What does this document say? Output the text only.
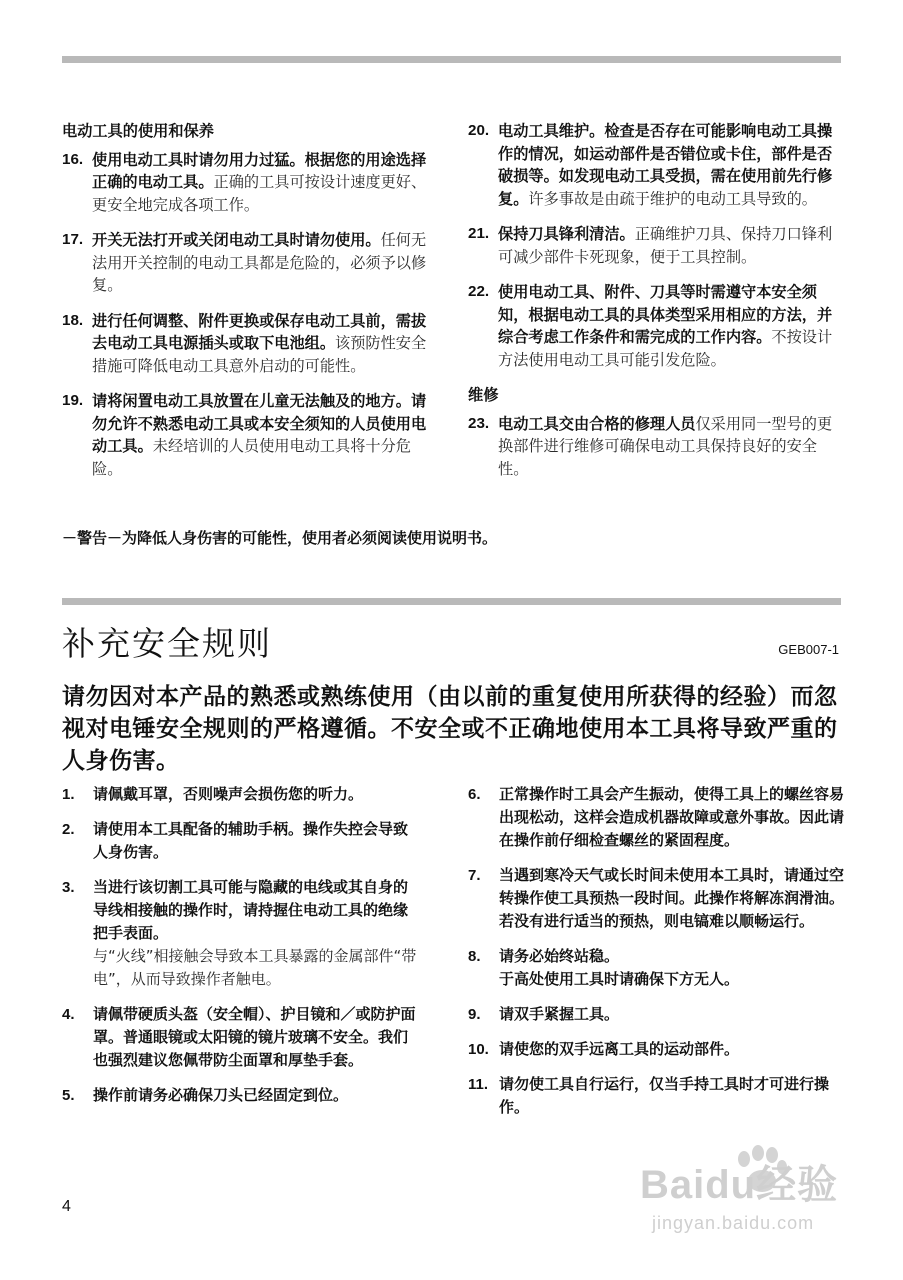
电动工具的使用和保养
16. 使用电动工具时请勿用力过猛。根据您的用途选择正确的电动工具。正确的工具可按设计速度更好、更安全地完成各项工作。
17. 开关无法打开或关闭电动工具时请勿使用。任何无法用开关控制的电动工具都是危险的，必须予以修复。
18. 进行任何调整、附件更换或保存电动工具前，需拔去电动工具电源插头或取下电池组。该预防性安全措施可降低电动工具意外启动的可能性。
19. 请将闲置电动工具放置在儿童无法触及的地方。请勿允许不熟悉电动工具或本安全须知的人员使用电动工具。未经培训的人员使用电动工具将十分危险。
20. 电动工具维护。检查是否存在可能影响电动工具操作的情况，如运动部件是否错位或卡住，部件是否破损等。如发现电动工具受损，需在使用前先行修复。许多事故是由疏于维护的电动工具导致的。
21. 保持刀具锋利清洁。正确维护刀具、保持刀口锋利可减少部件卡死现象，便于工具控制。
22. 使用电动工具、附件、刀具等时需遵守本安全须知，根据电动工具的具体类型采用相应的方法，并综合考虑工作条件和需完成的工作内容。不按设计方法使用电动工具可能引发危险。
维修
23. 电动工具交由合格的修理人员仅采用同一型号的更换部件进行维修可确保电动工具保持良好的安全性。
－警告－为降低人身伤害的可能性，使用者必须阅读使用说明书。
补充安全规则	GEB007-1
请勿因对本产品的熟悉或熟练使用（由以前的重复使用所获得的经验）而忽视对电锤安全规则的严格遵循。不安全或不正确地使用本工具将导致严重的人身伤害。
1. 请佩戴耳罩，否则噪声会损伤您的听力。
2. 请使用本工具配备的辅助手柄。操作失控会导致人身伤害。
3. 当进行该切割工具可能与隐藏的电线或其自身的导线相接触的操作时，请持握住电动工具的绝缘把手表面。
与“火线”相接触会导致本工具暴露的金属部件“带电”，从而导致操作者触电。
4. 请佩带硬质头盔（安全帽）、护目镜和／或防护面罩。普通眼镜或太阳镜的镜片玻璃不安全。我们也强烈建议您佩带防尘面罩和厚垫手套。
5. 操作前请务必确保刀头已经固定到位。
6. 正常操作时工具会产生振动，使得工具上的螺丝容易出现松动，这样会造成机器故障或意外事故。因此请在操作前仔细检查螺丝的紧固程度。
7. 当遇到寒冷天气或长时间未使用本工具时，请通过空转操作使工具预热一段时间。此操作将解冻润滑油。若没有进行适当的预热，则电镐难以顺畅运行。
8. 请务必始终站稳。
于高处使用工具时请确保下方无人。
9. 请双手紧握工具。
10. 请使您的双手远离工具的运动部件。
11. 请勿使工具自行运行，仅当手持工具时才可进行操作。
4	Baidu经验
jingyan.baidu.com
